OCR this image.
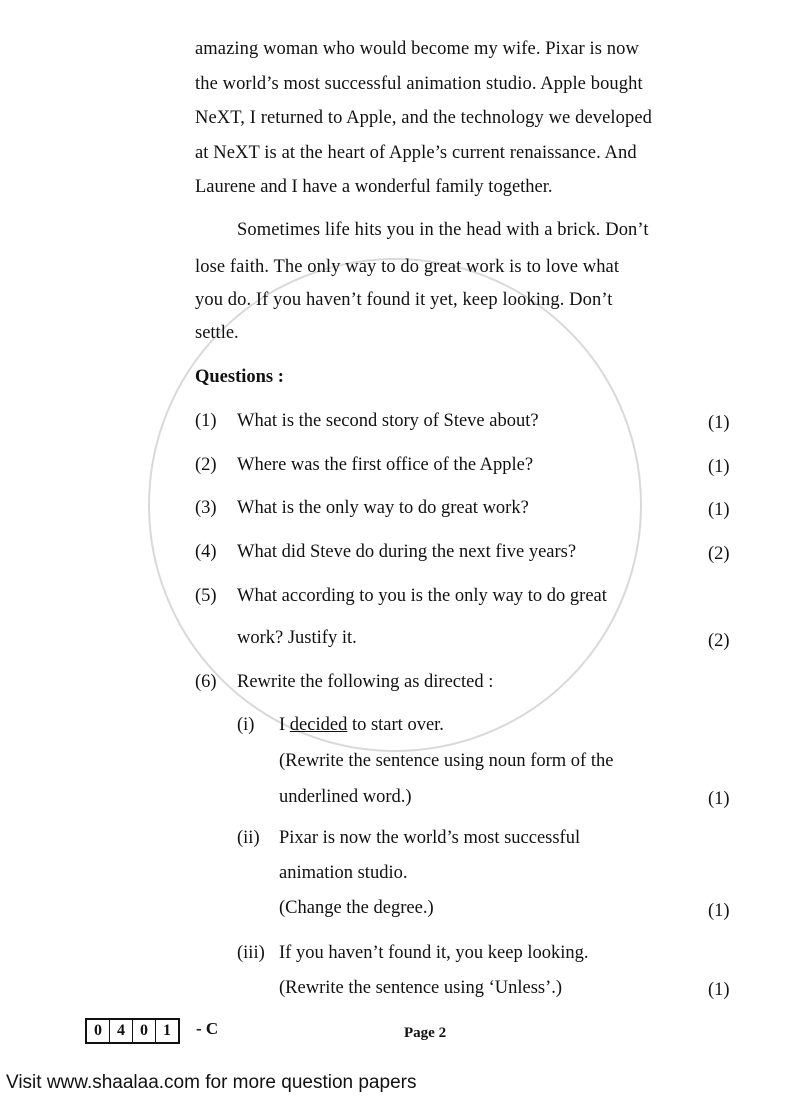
amazing woman who would become my wife. Pixar is now
the world’s most successful animation studio. Apple bought
NeXT, I returned to Apple, and the technology we developed
at NeXT is at the heart of Apple’s current renaissance. And
Laurene and I have a wonderful family together.
Sometimes life hits you in the head with a brick. Don’t
lose faith. The only way to do great work is to love what
you do. If you haven’t found it yet, keep looking. Don’t
settle.
Questions :
(1) What is the second story of Steve about?	(1)
(2) Where was the first office of the Apple?	(1)
(3) What is the only way to do great work?	(1)
(4) What did Steve do during the next five years?	(2)
(5) What according to you is the only way to do great
work? Justify it.	(2)
(6) Rewrite the following as directed :
(i) I decided to start over.
(Rewrite the sentence using noun form of the
underlined word.)	(1)
(ii) Pixar is now the world’s most successful
animation studio.
(Change the degree.)	(1)
(iii) If you haven’t found it, you keep looking.
(Rewrite the sentence using ‘Unless’.)	(1)
0 4 0 1	- C	Page 2
Visit www.shaalaa.com for more question papers
